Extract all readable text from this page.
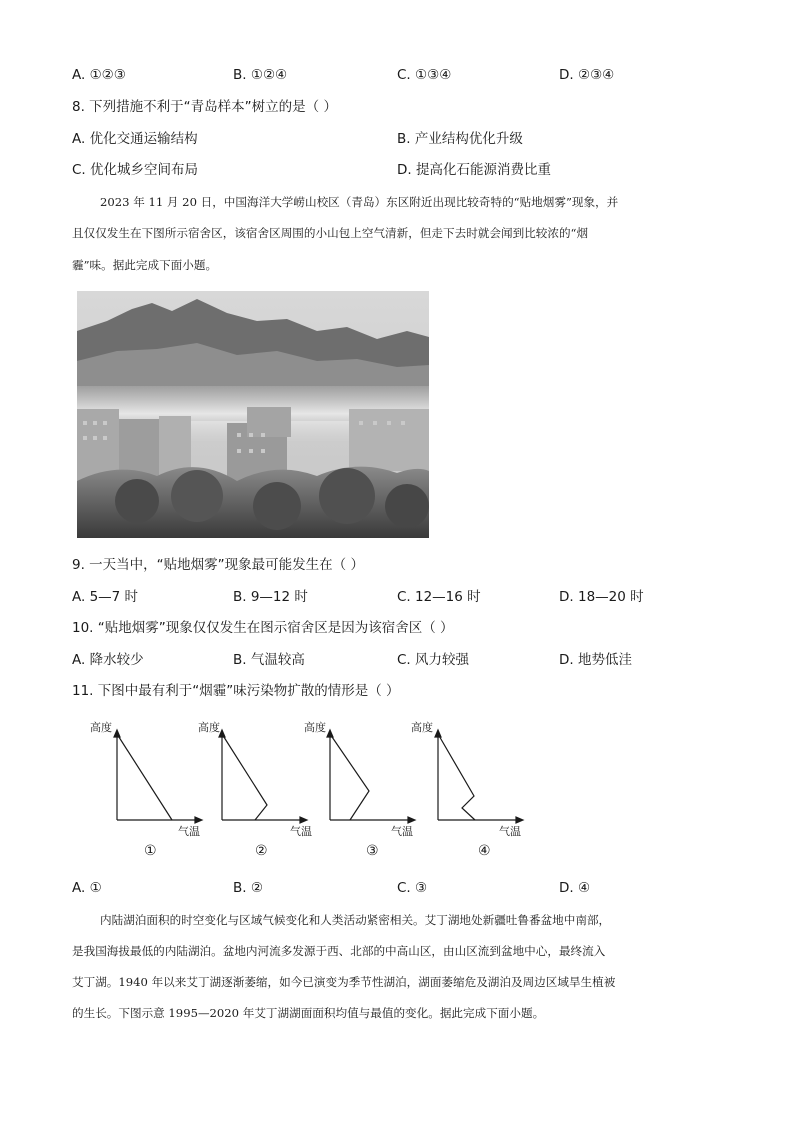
A. ①②③	B. ①②④	C. ①③④	D. ②③④
8. 下列措施不利于“青岛样本”树立的是（ ）
A. 优化交通运输结构	B. 产业结构优化升级
C. 优化城乡空间布局	D. 提高化石能源消费比重
2023 年 11 月 20 日，中国海洋大学崂山校区（青岛）东区附近出现比较奇特的“贴地烟雾”现象，并
且仅仅发生在下图所示宿舍区，该宿舍区周围的小山包上空气清新，但走下去时就会闻到比较浓的“烟
霾”味。据此完成下面小题。
9. 一天当中，“贴地烟雾”现象最可能发生在（ ）
A. 5—7 时	B. 9—12 时	C. 12—16 时	D. 18—20 时
10. “贴地烟雾”现象仅仅发生在图示宿舍区是因为该宿舍区（ ）
A. 降水较少	B. 气温较高	C. 风力较强	D. 地势低洼
11. 下图中最有利于“烟霾”味污染物扩散的情形是（ ）
高度
气温
①
高度
气温
②
高度
气温
③
高度
气温
④
A. ①	B. ②	C. ③	D. ④
内陆湖泊面积的时空变化与区域气候变化和人类活动紧密相关。艾丁湖地处新疆吐鲁番盆地中南部，
是我国海拔最低的内陆湖泊。盆地内河流多发源于西、北部的中高山区，由山区流到盆地中心，最终流入
艾丁湖。1940 年以来艾丁湖逐渐萎缩，如今已演变为季节性湖泊，湖面萎缩危及湖泊及周边区域旱生植被
的生长。下图示意 1995—2020 年艾丁湖湖面面积均值与最值的变化。据此完成下面小题。
